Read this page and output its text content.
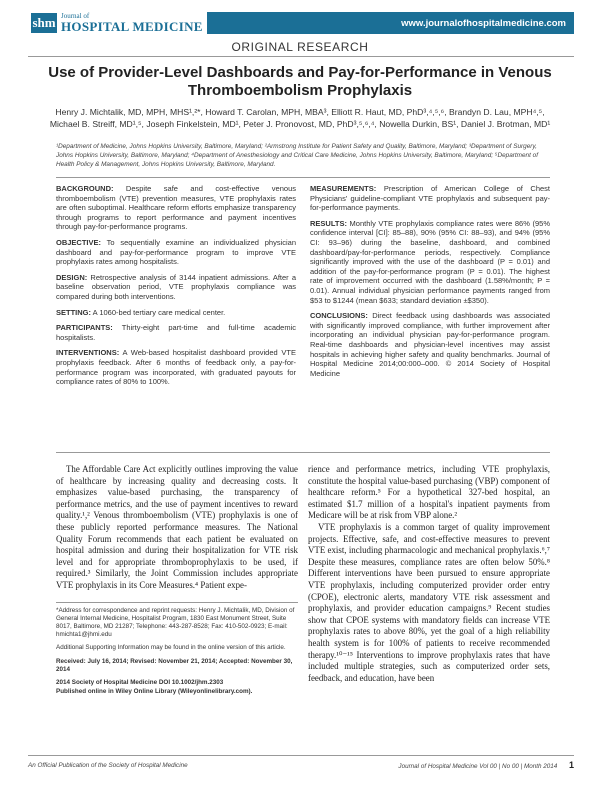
shm Journal of
HOSPITAL MEDICINE	www.journalofhospitalmedicine.com
ORIGINAL RESEARCH
Use of Provider-Level Dashboards and Pay-for-Performance in Venous
Thromboembolism Prophylaxis
Henry J. Michtalik, MD, MPH, MHS¹,²*, Howard T. Carolan, MPH, MBA³, Elliott R. Haut, MD, PhD³,⁴,⁵,⁶, Brandyn D. Lau, MPH⁴,⁵,
Michael B. Streiff, MD¹,⁵, Joseph Finkelstein, MD¹, Peter J. Pronovost, MD, PhD³,⁵,⁶,⁴, Nowella Durkin, BS¹, Daniel J. Brotman, MD¹
¹Department of Medicine, Johns Hopkins University, Baltimore, Maryland; ²Armstrong Institute for Patient Safety and Quality, Baltimore, Maryland; ³Department of Surgery, Johns Hopkins University, Baltimore, Maryland; ⁴Department of Anesthesiology and Critical Care Medicine, Johns Hopkins University, Baltimore, Maryland; ⁵Department of Health Policy & Management, Johns Hopkins University, Baltimore, Maryland.

BACKGROUND: Despite safe and cost-effective venous thromboembolism (VTE) prevention measures, VTE prophylaxis rates are often suboptimal. Healthcare reform efforts emphasize transparency through programs to report performance and payment incentives through pay-for-performance programs.

OBJECTIVE: To sequentially examine an individualized physician dashboard and pay-for-performance program to improve VTE prophylaxis rates among hospitalists.

DESIGN: Retrospective analysis of 3144 inpatient admissions. After a baseline observation period, VTE prophylaxis compliance was compared during both interventions.

SETTING: A 1060-bed tertiary care medical center.

PARTICIPANTS: Thirty-eight part-time and full-time academic hospitalists.

INTERVENTIONS: A Web-based hospitalist dashboard provided VTE prophylaxis feedback. After 6 months of feedback only, a pay-for-performance program was incorporated, with graduated payouts for compliance rates of 80% to 100%.

MEASUREMENTS: Prescription of American College of Chest Physicians' guideline-compliant VTE prophylaxis and subsequent pay-for-performance payments.

RESULTS: Monthly VTE prophylaxis compliance rates were 86% (95% confidence interval [CI]: 85–88), 90% (95% CI: 88–93), and 94% (95% CI: 93–96) during the baseline, dashboard, and combined dashboard/pay-for-performance periods, respectively. Compliance significantly improved with the use of the dashboard (P = 0.01) and addition of the pay-for-performance program (P = 0.01). The highest rate of improvement occurred with the dashboard (1.58%/month; P = 0.01). Annual individual physician performance payments ranged from $53 to $1244 (mean $633; standard deviation ±$350).

CONCLUSIONS: Direct feedback using dashboards was associated with significantly improved compliance, with further improvement after incorporating an individual physician pay-for-performance program. Real-time dashboards and physician-level incentives may assist hospitals in achieving higher safety and quality benchmarks. Journal of Hospital Medicine 2014;00:000–000. © 2014 Society of Hospital Medicine

The Affordable Care Act explicitly outlines improving the value of healthcare by increasing quality and decreasing costs. It emphasizes value-based purchasing, the transparency of performance metrics, and the use of payment incentives to reward quality.¹,² Venous thromboembolism (VTE) prophylaxis is one of these publicly reported performance measures. The National Quality Forum recommends that each patient be evaluated on hospital admission and during their hospitalization for VTE risk level and for appropriate thromboprophylaxis to be used, if required.³ Similarly, the Joint Commission includes appropriate VTE prophylaxis in its Core Measures.⁴ Patient expe-

*Address for correspondence and reprint requests: Henry J. Michtalik, MD, Division of General Internal Medicine, Hospitalist Program, 1830 East Monument Street, Suite 8017, Baltimore, MD 21287; Telephone: 443-287-8528; Fax: 410-502-0923; E-mail: hmichta1@jhmi.edu

Additional Supporting Information may be found in the online version of this article.

Received: July 16, 2014; Revised: November 21, 2014; Accepted: November 30, 2014

2014 Society of Hospital Medicine DOI 10.1002/jhm.2303

Published online in Wiley Online Library (Wileyonlinelibrary.com).

rience and performance metrics, including VTE prophylaxis, constitute the hospital value-based purchasing (VBP) component of healthcare reform.⁵ For a hypothetical 327-bed hospital, an estimated $1.7 million of a hospital's inpatient payments from Medicare will be at risk from VBP alone.²

VTE prophylaxis is a common target of quality improvement projects. Effective, safe, and cost-effective measures to prevent VTE exist, including pharmacologic and mechanical prophylaxis.⁶,⁷ Despite these measures, compliance rates are often below 50%.⁸ Different interventions have been pursued to ensure appropriate VTE prophylaxis, including computerized provider order entry (CPOE), electronic alerts, mandatory VTE risk assessment and prophylaxis, and provider education campaigns.⁹ Recent studies show that CPOE systems with mandatory fields can increase VTE prophylaxis rates to above 80%, yet the goal of a high reliability health system is for 100% of patients to receive recommended therapy.¹⁰⁻¹⁵ Interventions to improve prophylaxis rates that have included multiple strategies, such as computerized order sets, feedback, and education, have been

An Official Publication of the Society of Hospital Medicine	Journal of Hospital Medicine Vol 00 | No 00 | Month 2014 1
